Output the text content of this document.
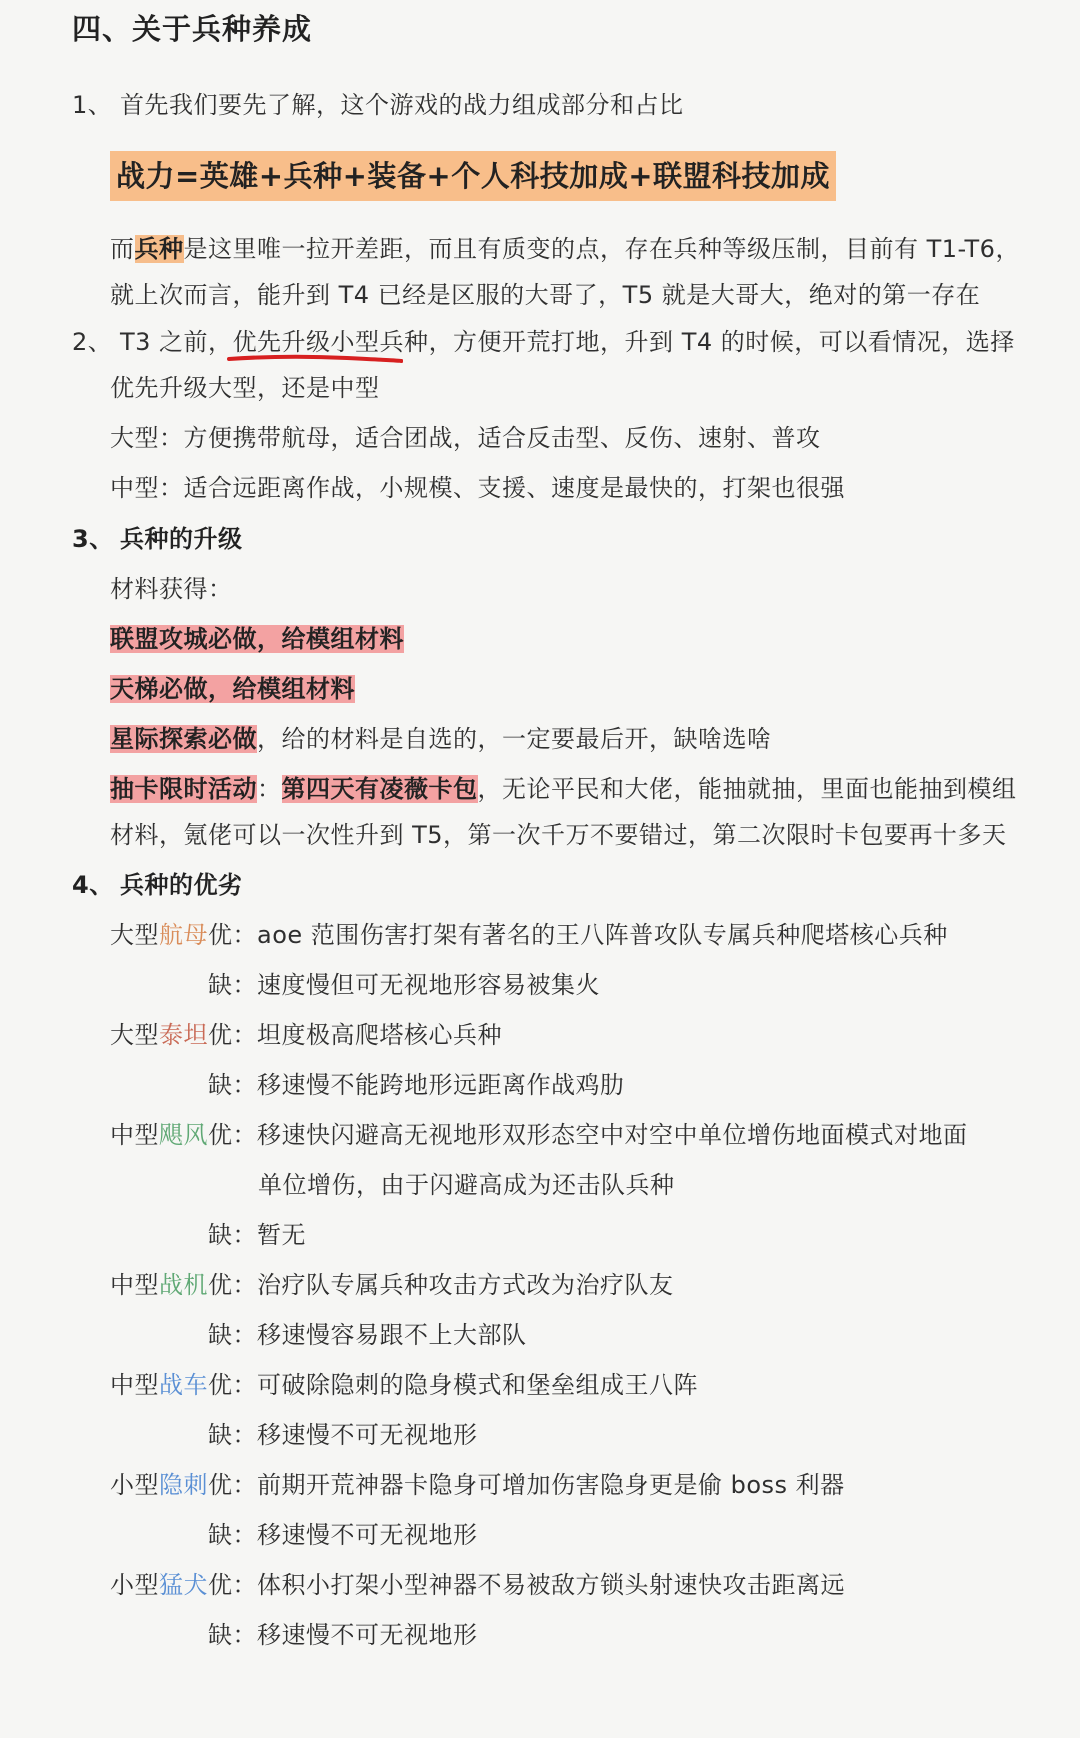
四、关于兵种养成
1、 首先我们要先了解，这个游戏的战力组成部分和占比
战力=英雄+兵种+装备+个人科技加成+联盟科技加成
而兵种是这里唯一拉开差距，而且有质变的点，存在兵种等级压制，目前有 T1-T6，
就上次而言，能升到 T4 已经是区服的大哥了，T5 就是大哥大，绝对的第一存在
2、 T3 之前，优先升级小型兵种，方便开荒打地，升到 T4 的时候，可以看情况，选择
优先升级大型，还是中型
大型：方便携带航母，适合团战，适合反击型、反伤、速射、普攻
中型：适合远距离作战，小规模、支援、速度是最快的，打架也很强
3、 兵种的升级
材料获得：
联盟攻城必做，给模组材料
天梯必做，给模组材料
星际探索必做，给的材料是自选的，一定要最后开，缺啥选啥
抽卡限时活动：第四天有凌薇卡包，无论平民和大佬，能抽就抽，里面也能抽到模组
材料，氪佬可以一次性升到 T5，第一次千万不要错过，第二次限时卡包要再十多天
4、 兵种的优劣
大型航母优：aoe 范围伤害打架有著名的王八阵普攻队专属兵种爬塔核心兵种
缺：速度慢但可无视地形容易被集火
大型泰坦优：坦度极高爬塔核心兵种
缺：移速慢不能跨地形远距离作战鸡肋
中型飓风优：移速快闪避高无视地形双形态空中对空中单位增伤地面模式对地面
单位增伤，由于闪避高成为还击队兵种
缺：暂无
中型战机优：治疗队专属兵种攻击方式改为治疗队友
缺：移速慢容易跟不上大部队
中型战车优：可破除隐刺的隐身模式和堡垒组成王八阵
缺：移速慢不可无视地形
小型隐刺优：前期开荒神器卡隐身可增加伤害隐身更是偷 boss 利器
缺：移速慢不可无视地形
小型猛犬优：体积小打架小型神器不易被敌方锁头射速快攻击距离远
缺：移速慢不可无视地形
